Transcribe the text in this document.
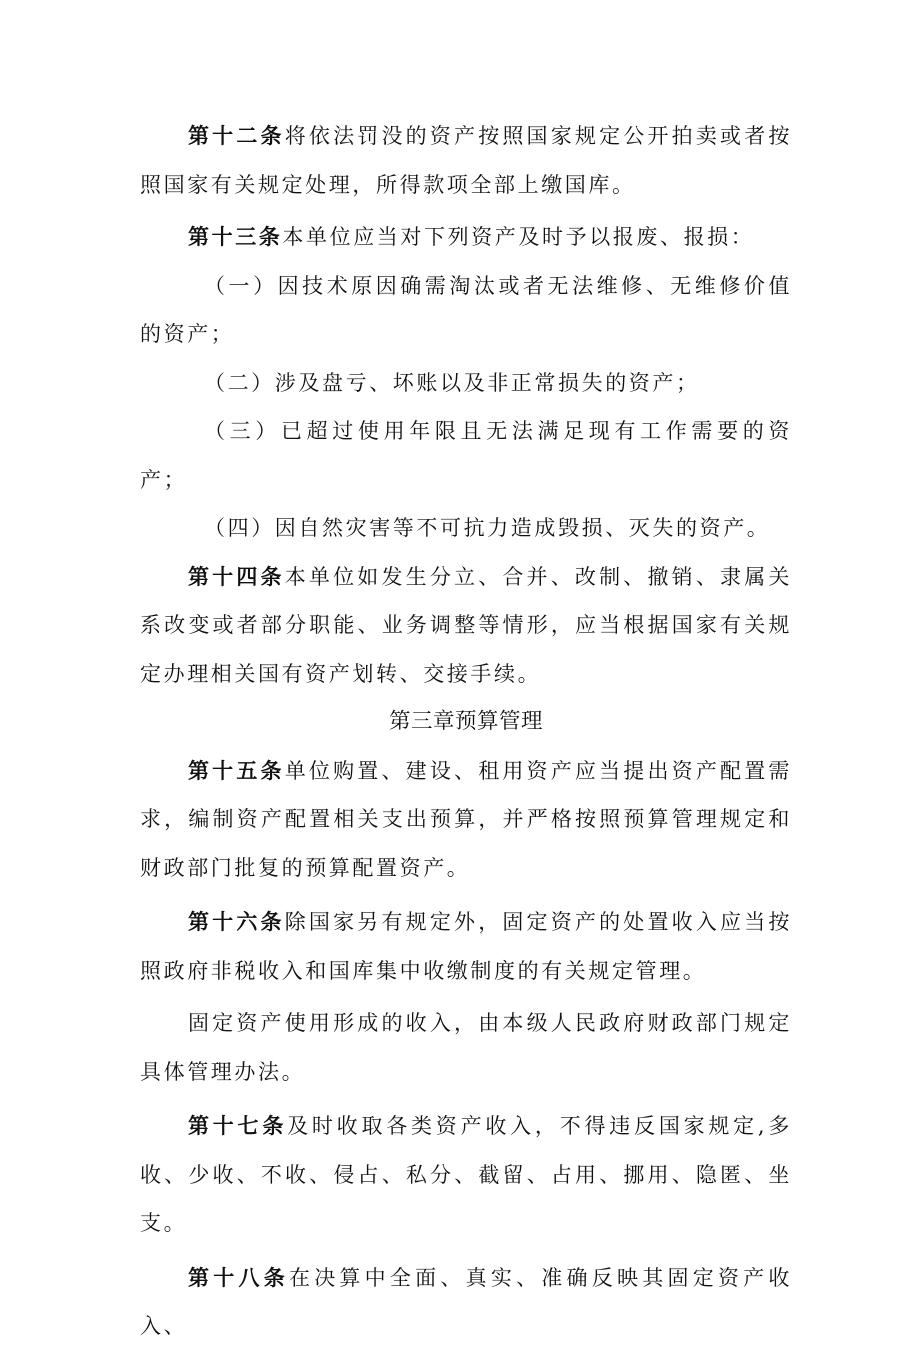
第十二条将依法罚没的资产按照国家规定公开拍卖或者按照国家有关规定处理，所得款项全部上缴国库。

第十三条本单位应当对下列资产及时予以报废、报损：

（一）因技术原因确需淘汰或者无法维修、无维修价值的资产；

（二）涉及盘亏、坏账以及非正常损失的资产；

（三）已超过使用年限且无法满足现有工作需要的资产；

（四）因自然灾害等不可抗力造成毁损、灭失的资产。

第十四条本单位如发生分立、合并、改制、撤销、隶属关系改变或者部分职能、业务调整等情形，应当根据国家有关规定办理相关国有资产划转、交接手续。

第三章预算管理

第十五条单位购置、建设、租用资产应当提出资产配置需求，编制资产配置相关支出预算，并严格按照预算管理规定和财政部门批复的预算配置资产。

第十六条除国家另有规定外，固定资产的处置收入应当按照政府非税收入和国库集中收缴制度的有关规定管理。

固定资产使用形成的收入，由本级人民政府财政部门规定具体管理办法。

第十七条及时收取各类资产收入，不得违反国家规定,多收、少收、不收、侵占、私分、截留、占用、挪用、隐匿、坐支。

第十八条在决算中全面、真实、准确反映其固定资产收入、
